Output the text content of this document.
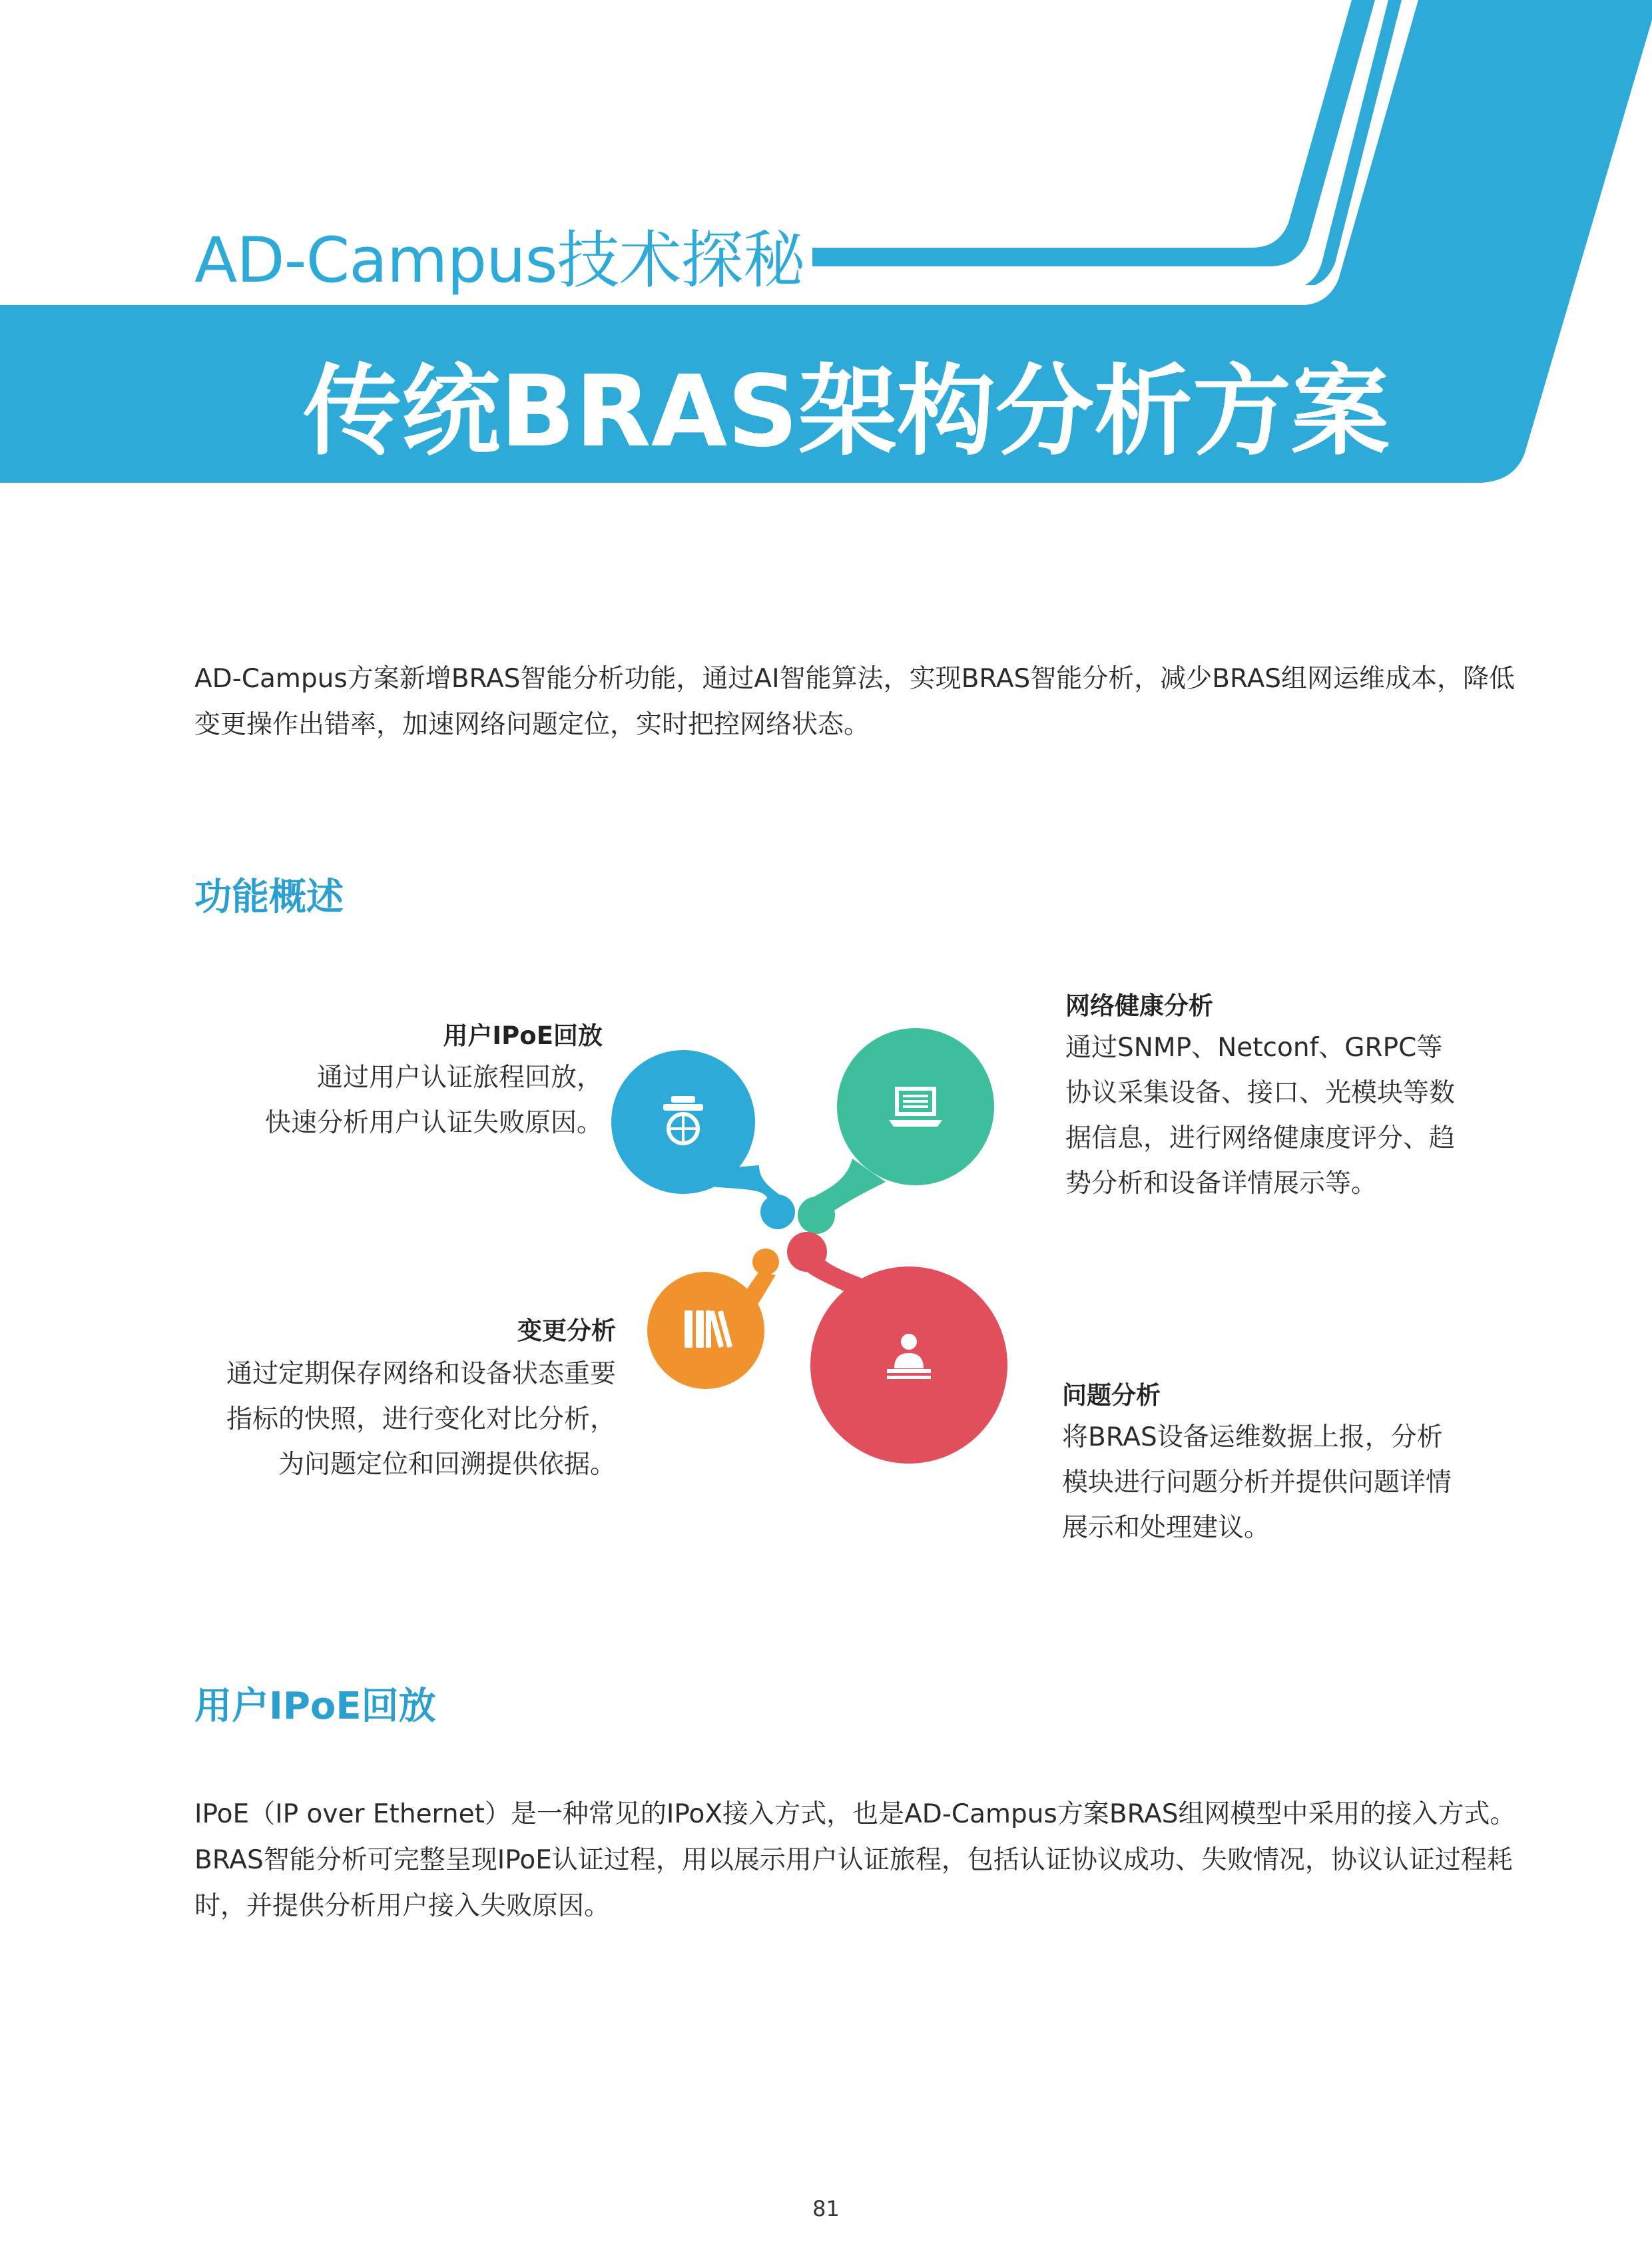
AD-Campus技术探秘
传统BRAS架构分析方案
AD-Campus方案新增BRAS智能分析功能，通过AI智能算法，实现BRAS智能分析，减少BRAS组网运维成本，降低变更操作出错率，加速网络问题定位，实时把控网络状态。
功能概述
用户IPoE回放
通过用户认证旅程回放，
快速分析用户认证失败原因。
网络健康分析
通过SNMP、Netconf、GRPC等
协议采集设备、接口、光模块等数
据信息，进行网络健康度评分、趋
势分析和设备详情展示等。
变更分析
通过定期保存网络和设备状态重要
指标的快照，进行变化对比分析，
为问题定位和回溯提供依据。
问题分析
将BRAS设备运维数据上报，分析
模块进行问题分析并提供问题详情
展示和处理建议。
用户IPoE回放
IPoE（IP over Ethernet）是一种常见的IPoX接入方式，也是AD-Campus方案BRAS组网模型中采用的接入方式。BRAS智能分析可完整呈现IPoE认证过程，用以展示用户认证旅程，包括认证协议成功、失败情况，协议认证过程耗时，并提供分析用户接入失败原因。
81
